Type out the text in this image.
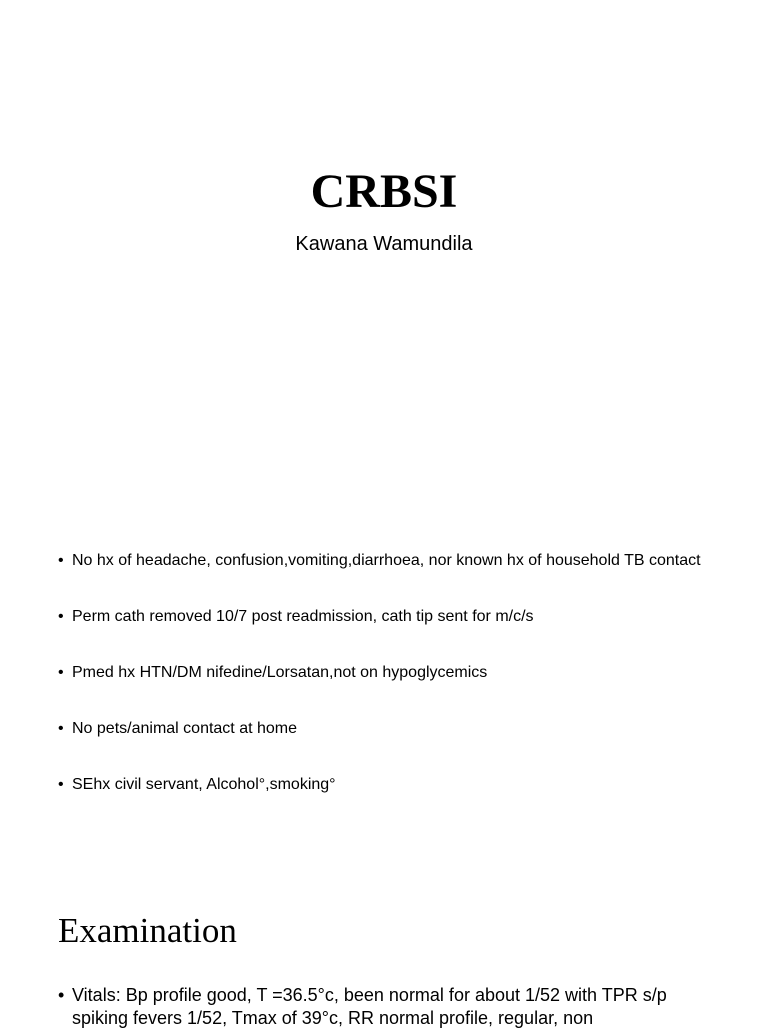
CRBSI
Kawana Wamundila
• No hx of headache, confusion,vomiting,diarrhoea, nor known hx of household TB contact
• Perm cath removed 10/7 post readmission, cath tip sent for m/c/s
• Pmed hx HTN/DM nifedine/Lorsatan,not on hypoglycemics
• No pets/animal contact at home
• SEhx civil servant, Alcohol°,smoking°
Examination
• Vitals: Bp profile good, T =36.5°c, been normal for about 1/52 with TPR s/p spiking fevers 1/52, Tmax of 39°c, RR normal profile, regular, non
